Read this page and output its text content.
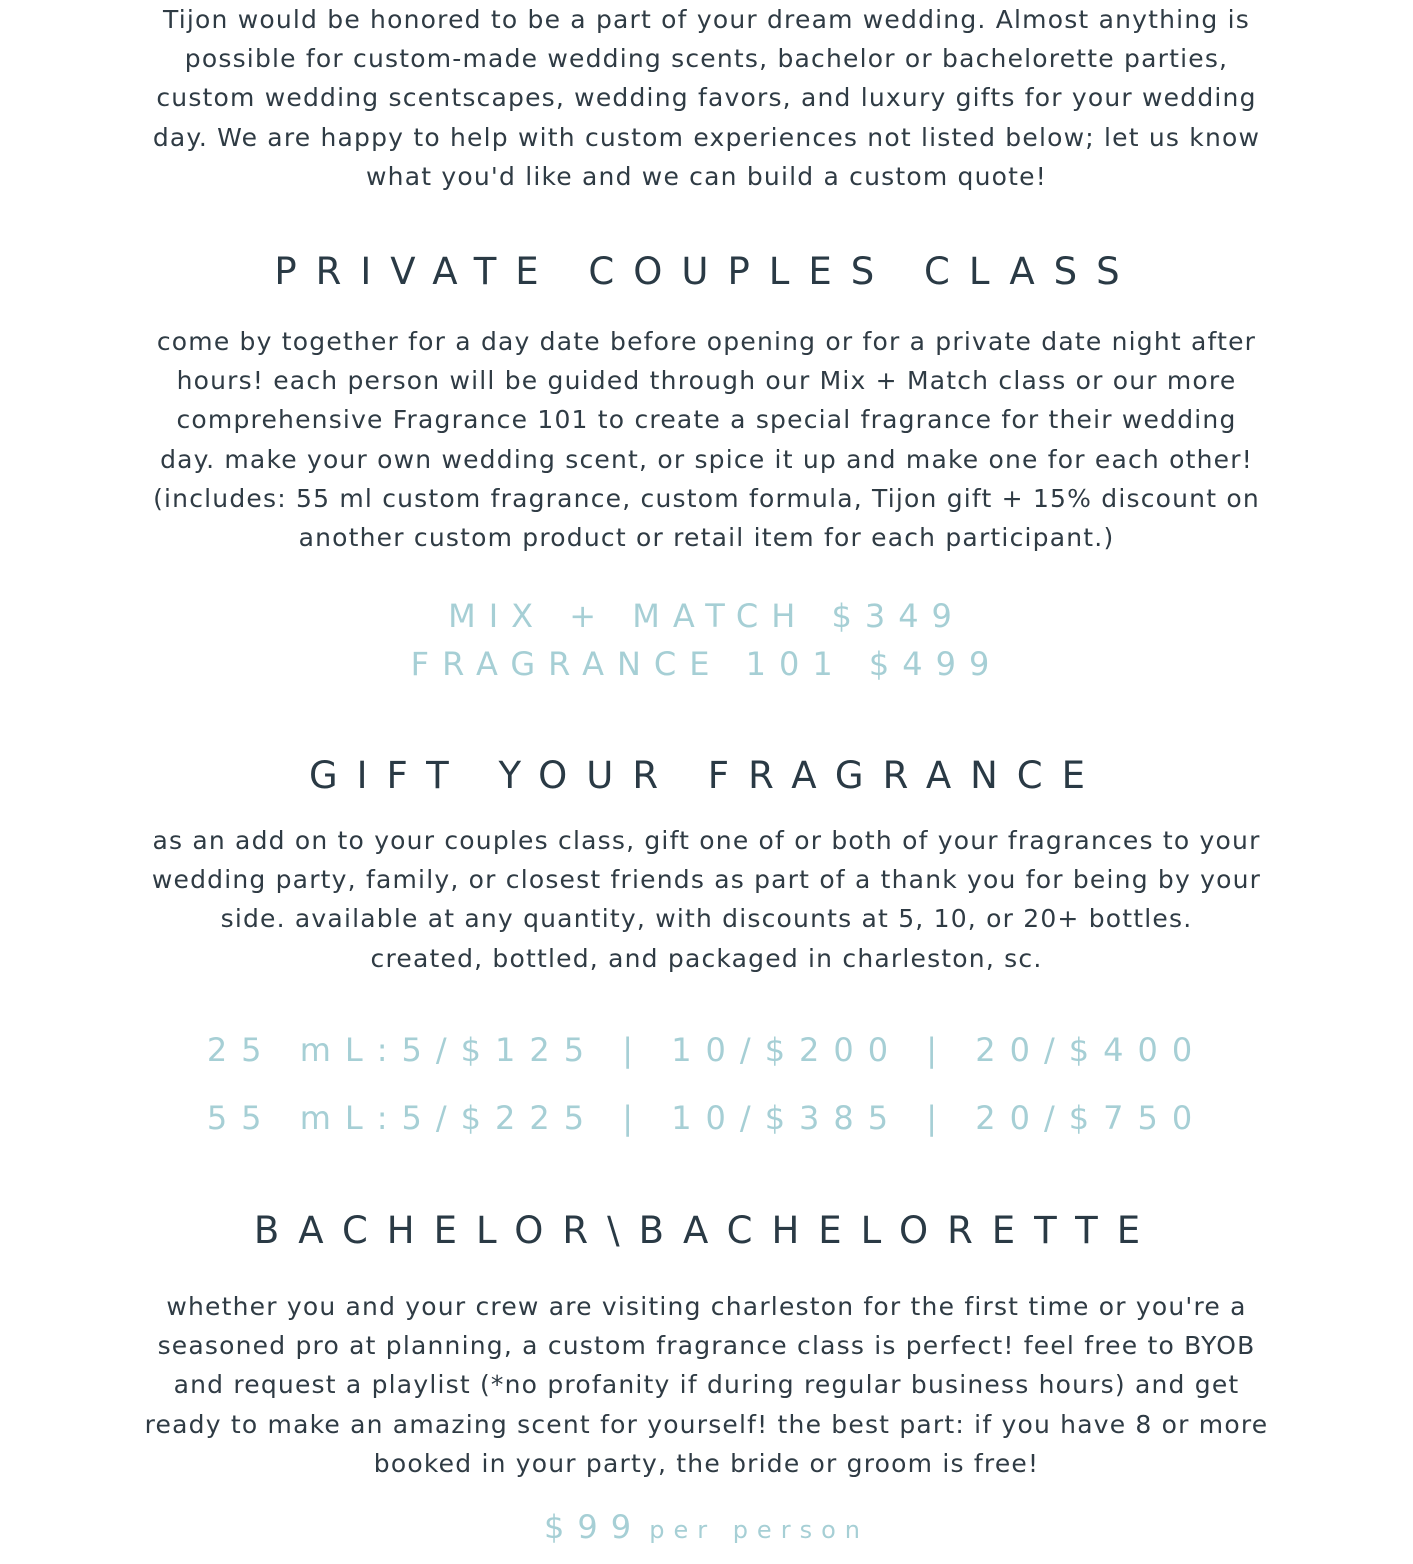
Tijon would be honored to be a part of your dream wedding. Almost anything is
possible for custom-made wedding scents, bachelor or bachelorette parties,
custom wedding scentscapes, wedding favors, and luxury gifts for your wedding
day. We are happy to help with custom experiences not listed below; let us know
what you'd like and we can build a custom quote!
PRIVATE COUPLES CLASS
come by together for a day date before opening or for a private date night after
hours! each person will be guided through our Mix + Match class or our more
comprehensive Fragrance 101 to create a special fragrance for their wedding
day. make your own wedding scent, or spice it up and make one for each other!
(includes: 55 ml custom fragrance, custom formula, Tijon gift + 15% discount on
another custom product or retail item for each participant.)
MIX + MATCH $349
FRAGRANCE 101 $499
GIFT YOUR FRAGRANCE
as an add on to your couples class, gift one of or both of your fragrances to your
wedding party, family, or closest friends as part of a thank you for being by your
side. available at any quantity, with discounts at 5, 10, or 20+ bottles.
created, bottled, and packaged in charleston, sc.
25 mL:5/$125 | 10/$200 | 20/$400
55 mL:5/$225 | 10/$385 | 20/$750
BACHELOR\BACHELORETTE
whether you and your crew are visiting charleston for the first time or you're a
seasoned pro at planning, a custom fragrance class is perfect! feel free to BYOB
and request a playlist (*no profanity if during regular business hours) and get
ready to make an amazing scent for yourself! the best part: if you have 8 or more
booked in your party, the bride or groom is free!
$99 per person
